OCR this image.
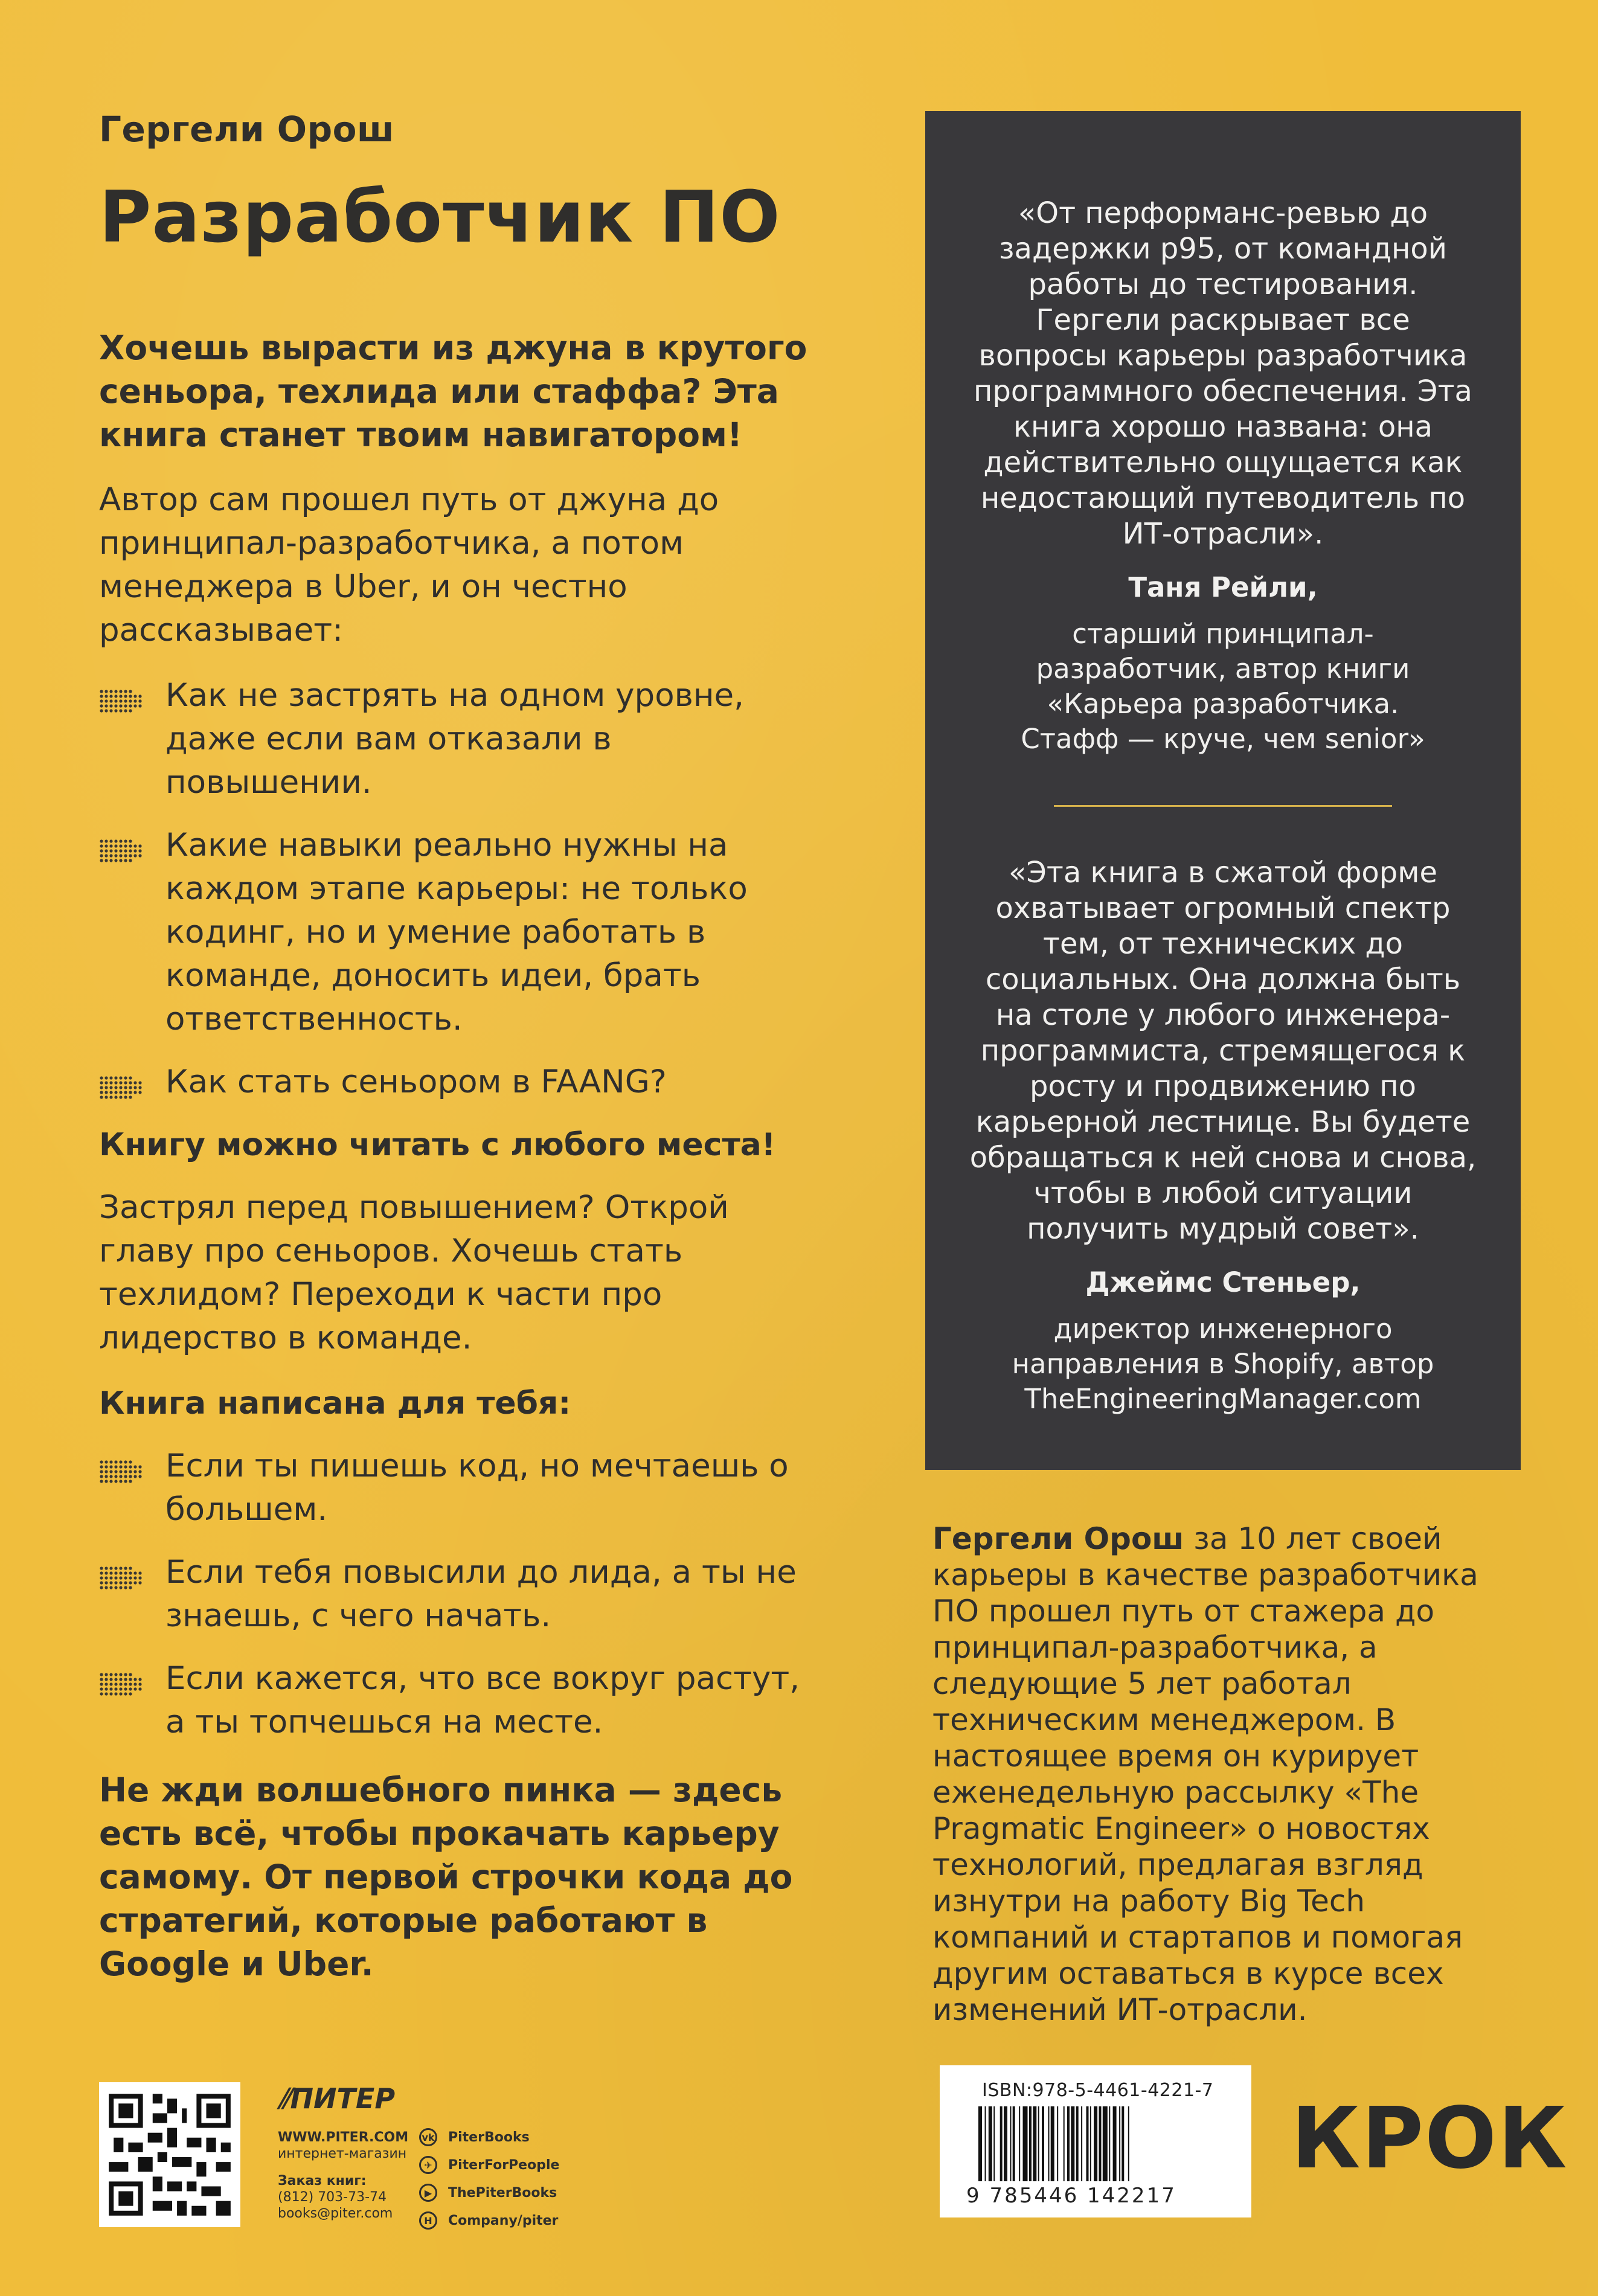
Гергели Орош
Разработчик ПО

Хочешь вырасти из джуна в крутого сеньора, техлида или стаффа? Эта книга станет твоим навигатором!

Автор сам прошел путь от джуна до принципал-разработчика, а потом менеджера в Uber, и он честно рассказывает:

Как не застрять на одном уровне, даже если вам отказали в повышении.
Какие навыки реально нужны на каждом этапе карьеры: не только кодинг, но и умение работать в команде, доносить идеи, брать ответственность.
Как стать сеньором в FAANG?

Книгу можно читать с любого места!

Застрял перед повышением? Открой главу про сеньоров. Хочешь стать техлидом? Переходи к части про лидерство в команде.

Книга написана для тебя:

Если ты пишешь код, но мечтаешь о большем.
Если тебя повысили до лида, а ты не знаешь, с чего начать.
Если кажется, что все вокруг растут, а ты топчешься на месте.

Не жди волшебного пинка — здесь есть всё, чтобы прокачать карьеру самому. От первой строчки кода до стратегий, которые работают в Google и Uber.

«От перформанс-ревью до задержки p95, от командной работы до тестирования. Гергели раскрывает все вопросы карьеры разработчика программного обеспечения. Эта книга хорошо названа: она действительно ощущается как недостающий путеводитель по ИТ-отрасли».
Таня Рейли,
старший принципал-разработчик, автор книги «Карьера разработчика. Стафф — круче, чем senior»
«Эта книга в сжатой форме охватывает огромный спектр тем, от технических до социальных. Она должна быть на столе у любого инженера-программиста, стремящегося к росту и продвижению по карьерной лестнице. Вы будете обращаться к ней снова и снова, чтобы в любой ситуации получить мудрый совет».
Джеймс Стеньер,
директор инженерного направления в Shopify, автор TheEngineeringManager.com
Гергели Орош за 10 лет своей карьеры в качестве разработчика ПО прошел путь от стажера до принципал-разработчика, а следующие 5 лет работал техническим менеджером. В настоящее время он курирует еженедельную рассылку «The Pragmatic Engineer» о новостях технологий, предлагая взгляд изнутри на работу Big Tech компаний и стартапов и помогая другим оставаться в курсе всех изменений ИТ-отрасли.
⫽ПИТЕР
WWW.PITER.COM
интернет-магазин
Заказ книг:
(812) 703-73-74
books@piter.com
vk PiterBooks
✈	PiterForPeople
▶	ThePiterBooks
H	Company/piter
ISBN:978-5-4461-4221-7
9 785446 142217
КРОК
